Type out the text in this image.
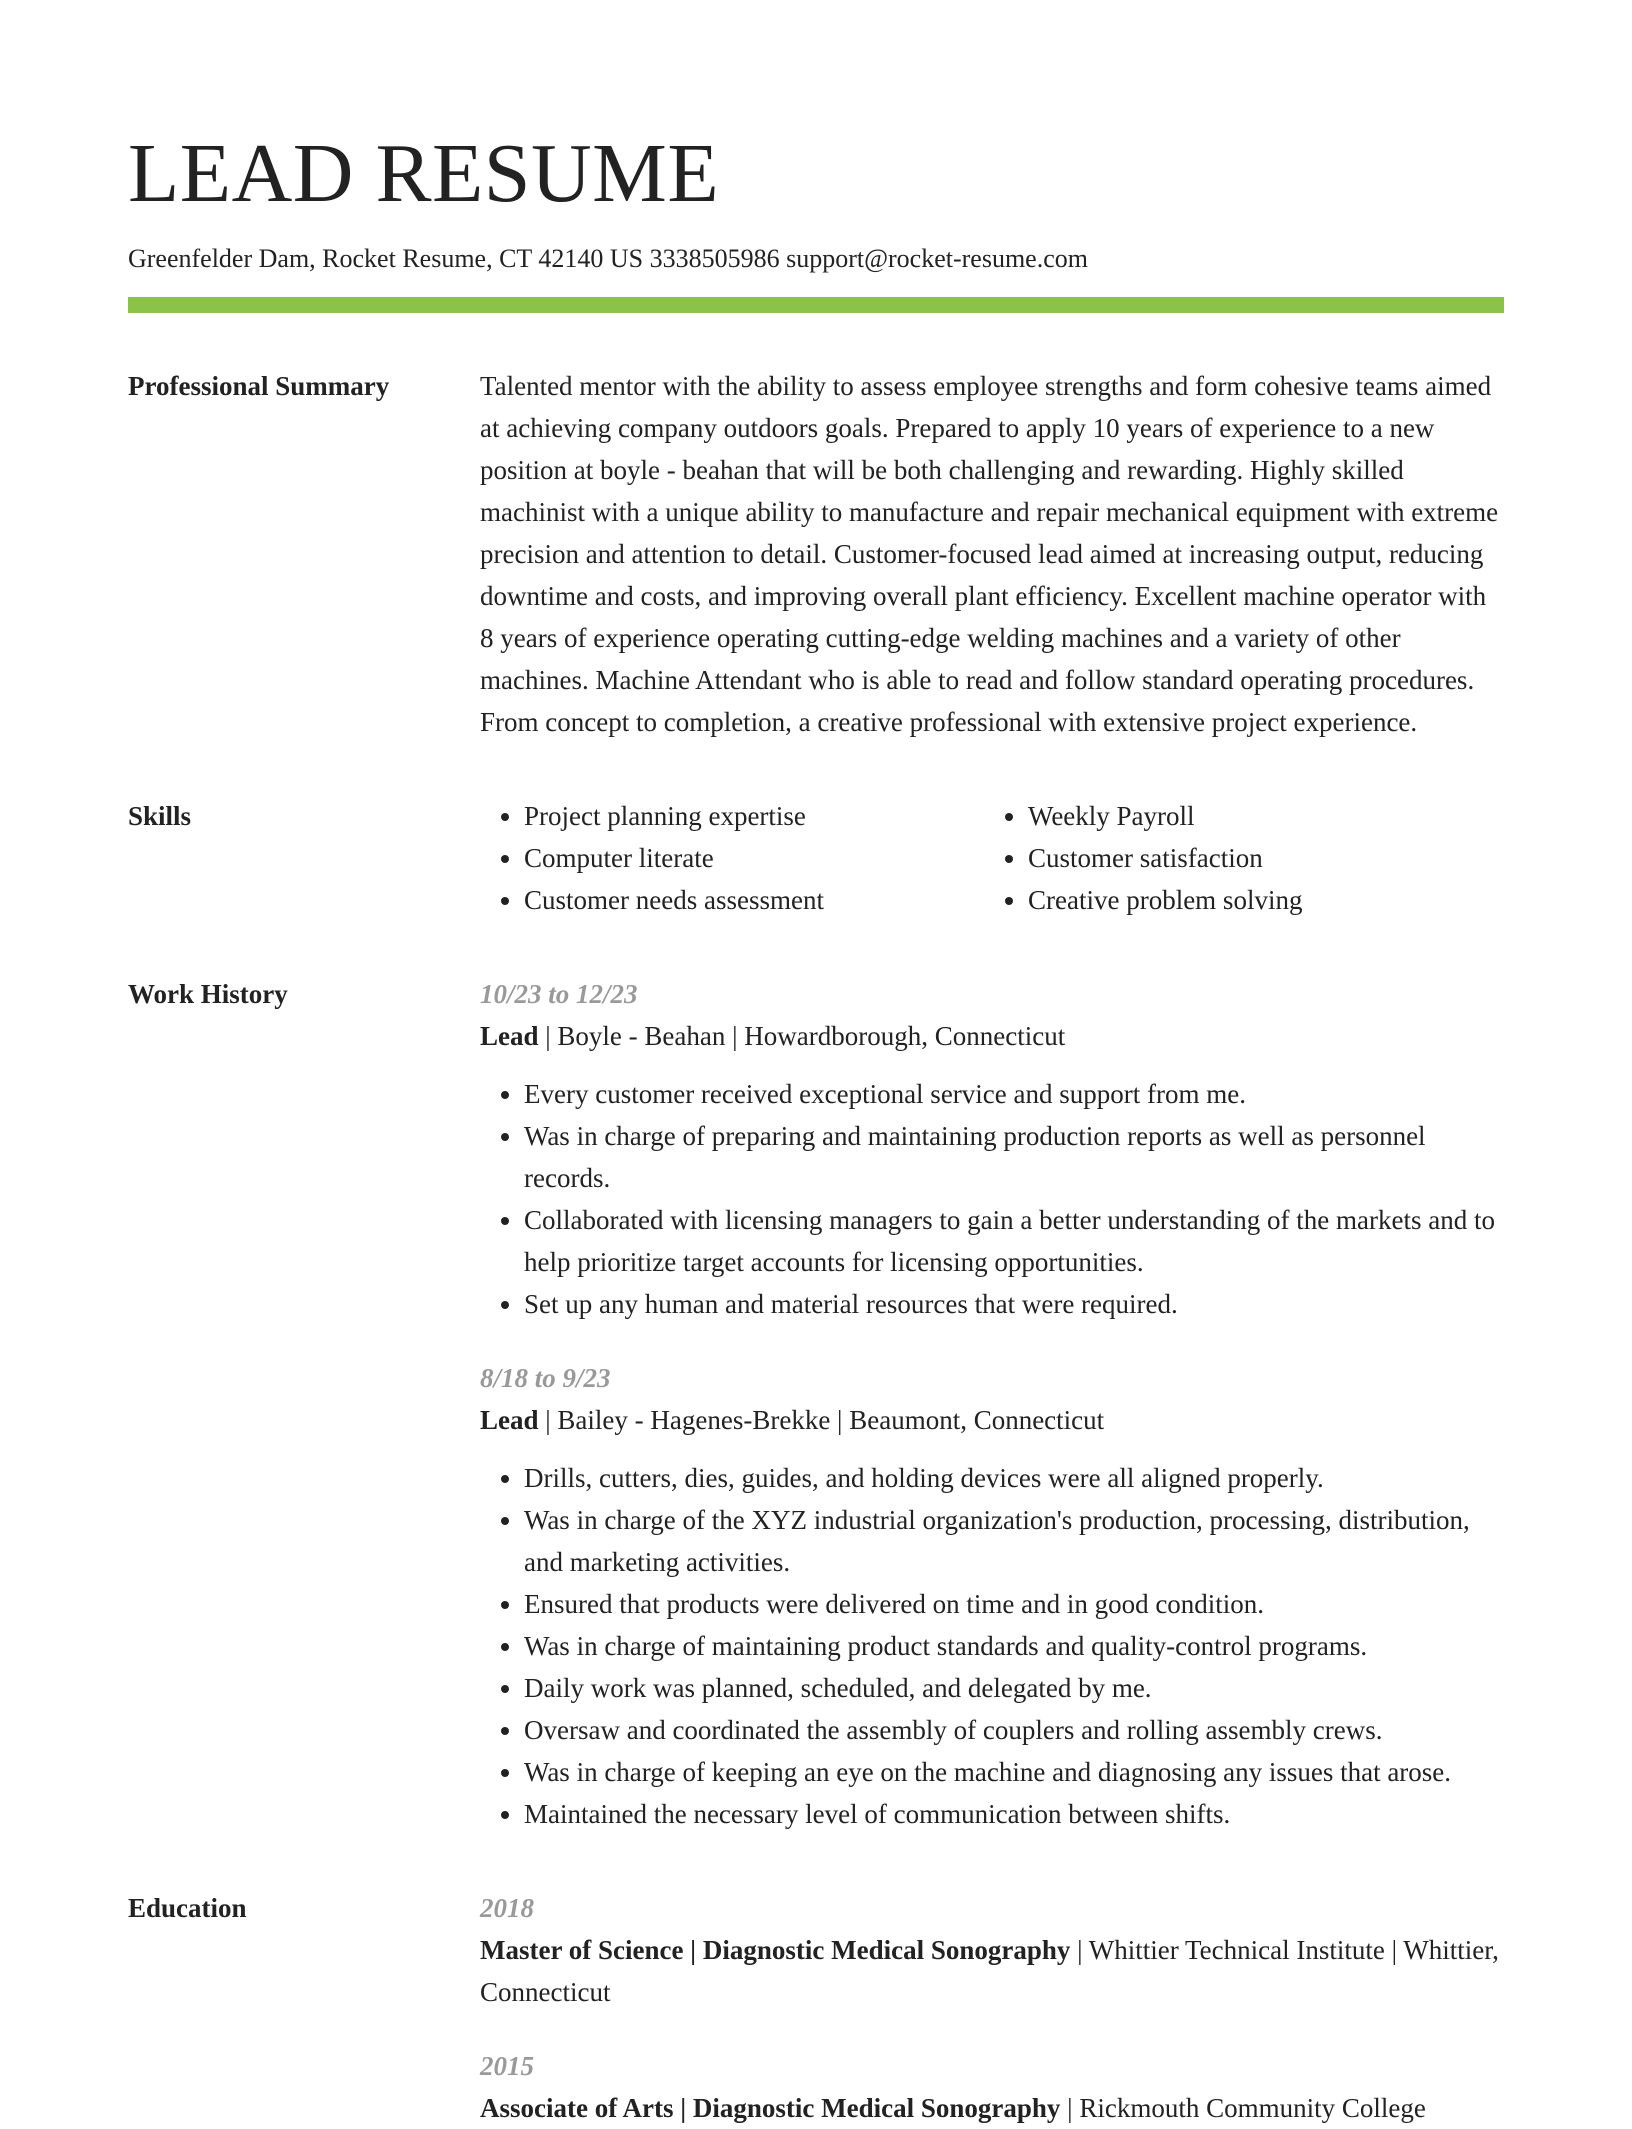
LEAD RESUME
Greenfelder Dam, Rocket Resume, CT 42140 US 3338505986 support@rocket-resume.com
Professional Summary	Talented mentor with the ability to assess employee strengths and form cohesive teams aimed at achieving company outdoors goals. Prepared to apply 10 years of experience to a new position at boyle - beahan that will be both challenging and rewarding. Highly skilled machinist with a unique ability to manufacture and repair mechanical equipment with extreme precision and attention to detail. Customer-focused lead aimed at increasing output, reducing downtime and costs, and improving overall plant efficiency. Excellent machine operator with 8 years of experience operating cutting-edge welding machines and a variety of other machines. Machine Attendant who is able to read and follow standard operating procedures. From concept to completion, a creative professional with extensive project experience.

Skills
•	Project planning expertise
• Computer literate
• Customer needs assessment
• Weekly Payroll
• Customer satisfaction
• Creative problem solving
Work History	10/23 to 12/23
Lead | Boyle - Beahan | Howardborough, Connecticut
• Every customer received exceptional service and support from me.
• Was in charge of preparing and maintaining production reports as well as personnel records.
• Collaborated with licensing managers to gain a better understanding of the markets and to help prioritize target accounts for licensing opportunities.
• Set up any human and material resources that were required.
8/18 to 9/23
Lead | Bailey - Hagenes-Brekke | Beaumont, Connecticut
• Drills, cutters, dies, guides, and holding devices were all aligned properly.
• Was in charge of the XYZ industrial organization's production, processing, distribution, and marketing activities.
• Ensured that products were delivered on time and in good condition.
• Was in charge of maintaining product standards and quality-control programs.
• Daily work was planned, scheduled, and delegated by me.
• Oversaw and coordinated the assembly of couplers and rolling assembly crews.
• Was in charge of keeping an eye on the machine and diagnosing any issues that arose.
• Maintained the necessary level of communication between shifts.
Education	2018
Master of Science | Diagnostic Medical Sonography | Whittier Technical Institute | Whittier, Connecticut
2015
Associate of Arts | Diagnostic Medical Sonography | Rickmouth Community College
